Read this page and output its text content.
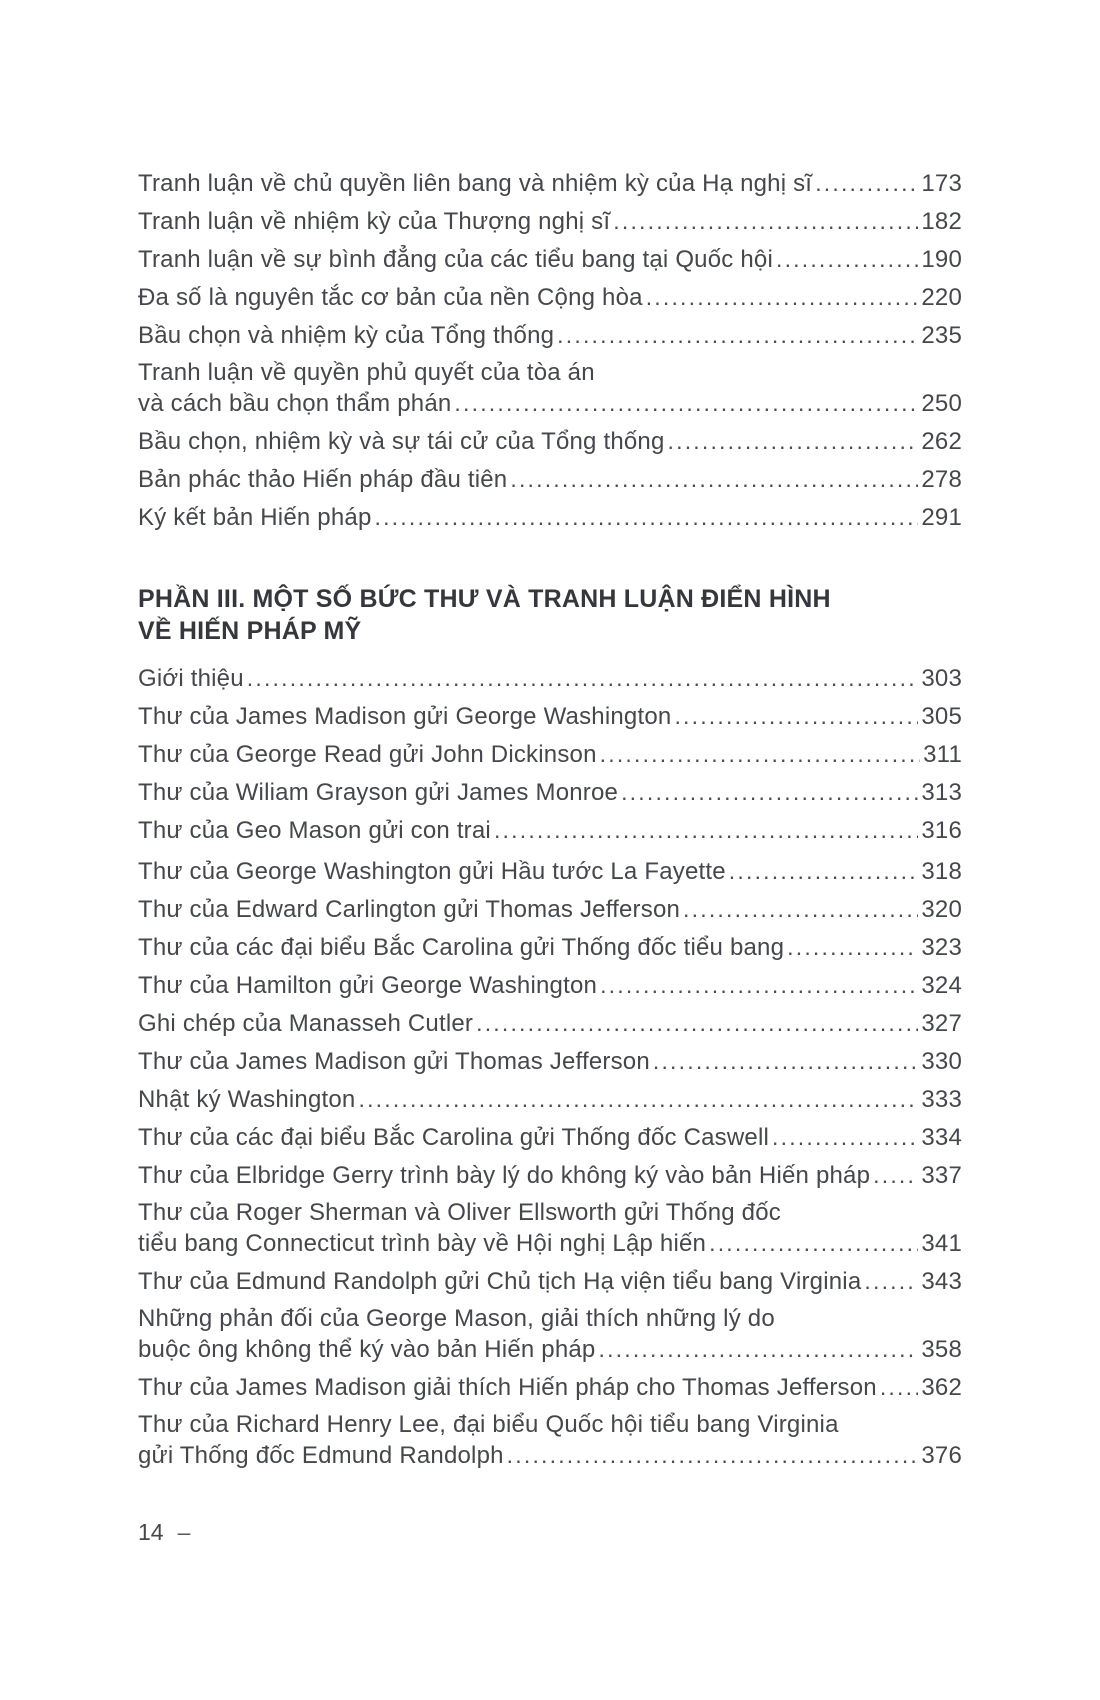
Tranh luận về chủ quyền liên bang và nhiệm kỳ của Hạ nghị sĩ .....	173
Tranh luận về nhiệm kỳ của Thượng nghị sĩ .....	182
Tranh luận về sự bình đẳng của các tiểu bang tại Quốc hội .....	190
Đa số là nguyên tắc cơ bản của nền Cộng hòa .....	220
Bầu chọn và nhiệm kỳ của Tổng thống .....	235
Tranh luận về quyền phủ quyết của tòa án
và cách bầu chọn thẩm phán .....	250
Bầu chọn, nhiệm kỳ và sự tái cử của Tổng thống .....	262
Bản phác thảo Hiến pháp đầu tiên .....	278
Ký kết bản Hiến pháp .....	291
PHẦN III. MỘT SỐ BỨC THƯ VÀ TRANH LUẬN ĐIỂN HÌNH
VỀ HIẾN PHÁP MỸ
Giới thiệu .....	303
Thư của James Madison gửi George Washington .....	305
Thư của George Read gửi John Dickinson .....	311
Thư của Wiliam Grayson gửi James Monroe .....	313
Thư của Geo Mason gửi con trai .....	316
Thư của George Washington gửi Hầu tước La Fayette .....	318
Thư của Edward Carlington gửi Thomas Jefferson .....	320
Thư của các đại biểu Bắc Carolina gửi Thống đốc tiểu bang .....	323
Thư của Hamilton gửi George Washington .....	324
Ghi chép của Manasseh Cutler .....	327
Thư của James Madison gửi Thomas Jefferson .....	330
Nhật ký Washington .....	333
Thư của các đại biểu Bắc Carolina gửi Thống đốc Caswell .....	334
Thư của Elbridge Gerry trình bày lý do không ký vào bản Hiến pháp ..... 337
Thư của Roger Sherman và Oliver Ellsworth gửi Thống đốc
tiểu bang Connecticut trình bày về Hội nghị Lập hiến .....	341
Thư của Edmund Randolph gửi Chủ tịch Hạ viện tiểu bang Virginia ..... 343
Những phản đối của George Mason, giải thích những lý do
buộc ông không thể ký vào bản Hiến pháp .....	358
Thư của James Madison giải thích Hiến pháp cho Thomas Jefferson ..... 362
Thư của Richard Henry Lee, đại biểu Quốc hội tiểu bang Virginia
gửi Thống đốc Edmund Randolph .....	376
14 –
